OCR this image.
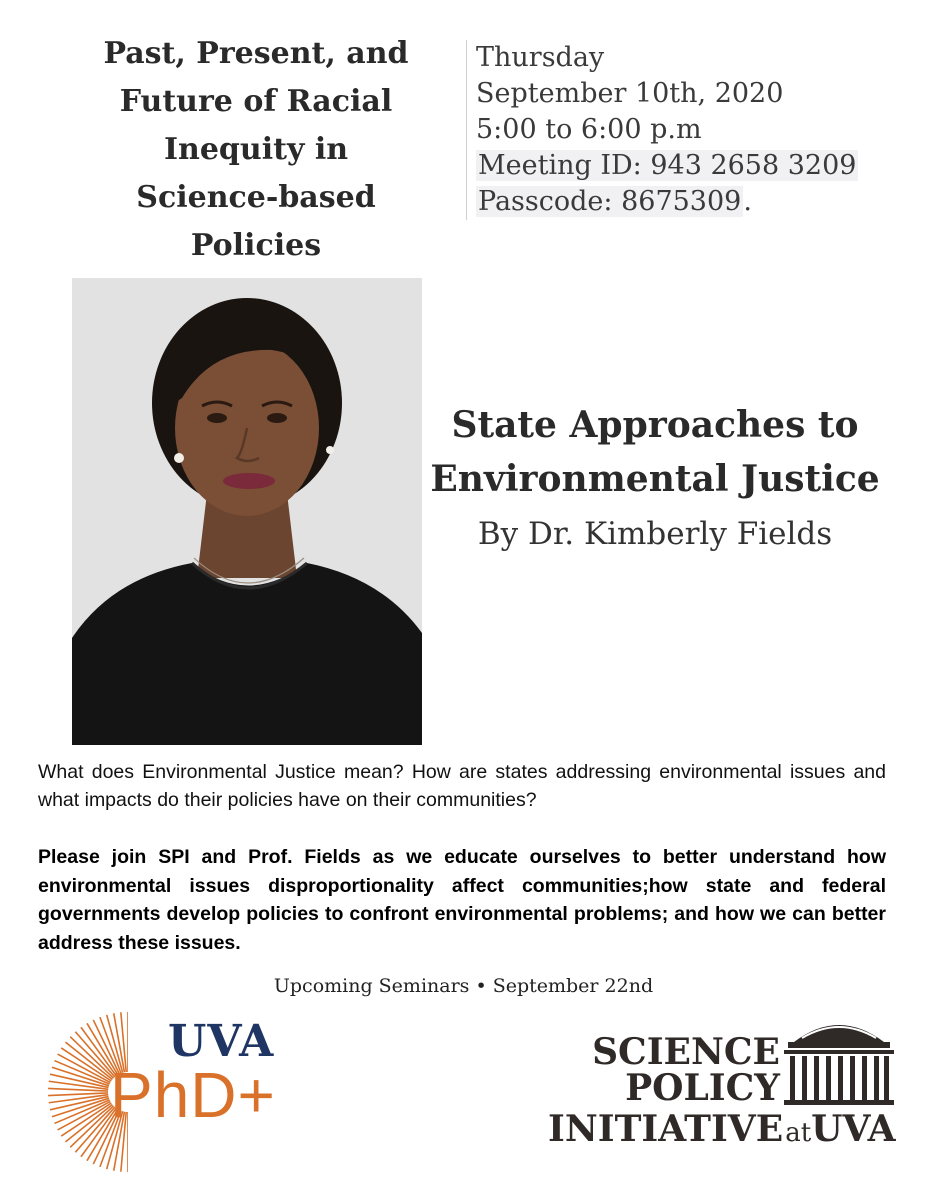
Past, Present, and
Future of Racial
Inequity in
Science-based
Policies
Thursday
September 10th, 2020
5:00 to 6:00 p.m
Meeting ID: 943 2658 3209
Passcode: 8675309.
State Approaches to
Environmental Justice
By Dr. Kimberly Fields
What does Environmental Justice mean? How are states addressing environmental issues and what impacts do their policies have on their communities?
Please join SPI and Prof. Fields as we educate ourselves to better understand how environmental issues disproportionality affect communities;how state and federal governments develop policies to confront environmental problems; and how we can better address these issues.
Upcoming Seminars • September 22nd
UVA
PhD+
SCIENCE
POLICY
INITIATIVEatUVA
